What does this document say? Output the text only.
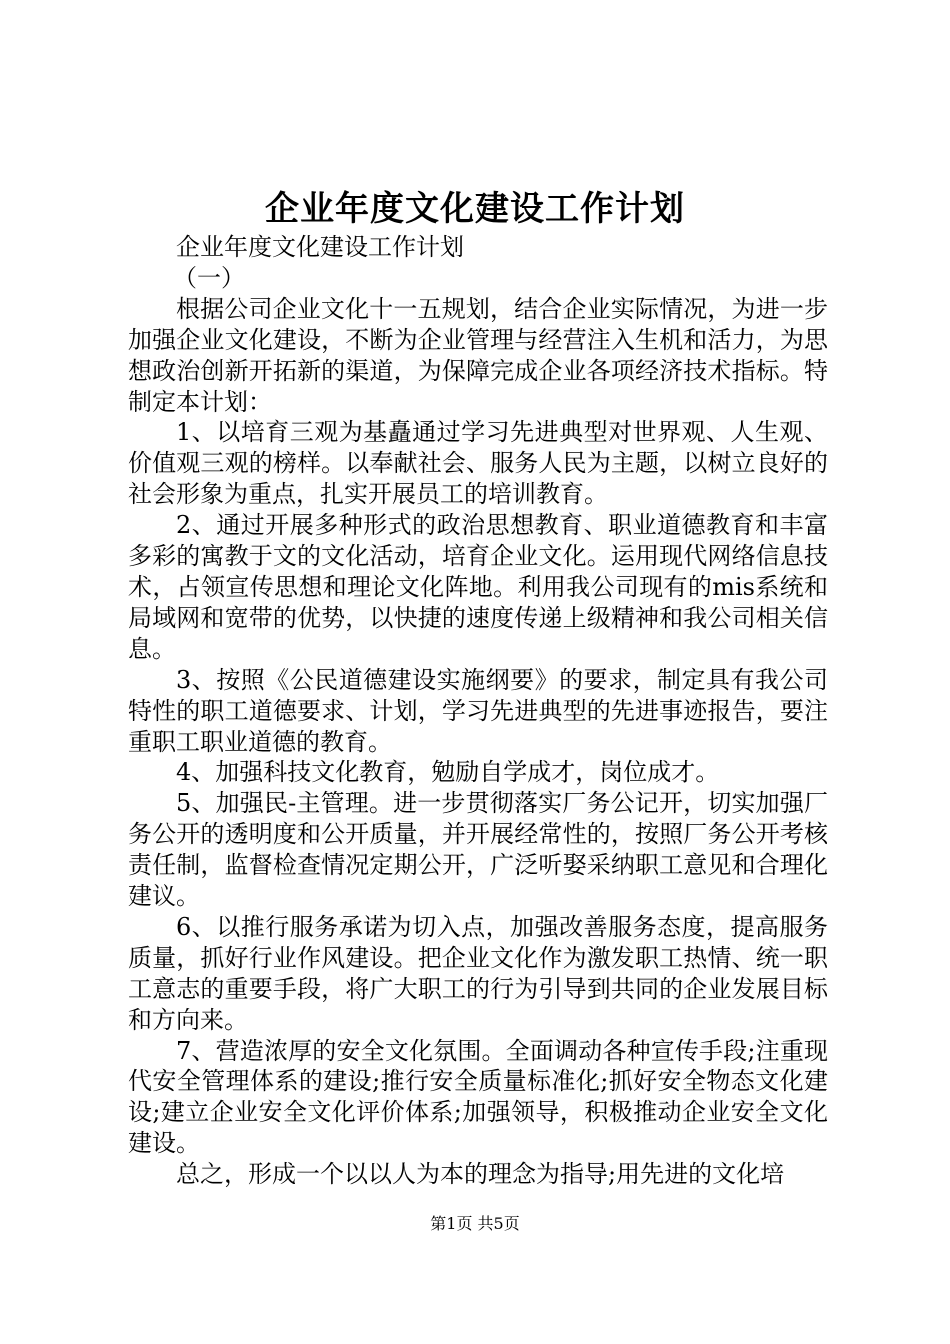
企业年度文化建设工作计划

企业年度文化建设工作计划

（一）

根据公司企业文化十一五规划，结合企业实际情况，为进一步加强企业文化建设，不断为企业管理与经营注入生机和活力，为思想政治创新开拓新的渠道，为保障完成企业各项经济技术指标。特制定本计划：

1、以培育三观为基矗通过学习先进典型对世界观、人生观、价值观三观的榜样。以奉献社会、服务人民为主题，以树立良好的社会形象为重点，扎实开展员工的培训教育。

2、通过开展多种形式的政治思想教育、职业道德教育和丰富多彩的寓教于文的文化活动，培育企业文化。运用现代网络信息技术，占领宣传思想和理论文化阵地。利用我公司现有的mis系统和局域网和宽带的优势，以快捷的速度传递上级精神和我公司相关信息。

3、按照《公民道德建设实施纲要》的要求，制定具有我公司特性的职工道德要求、计划，学习先进典型的先进事迹报告，要注重职工职业道德的教育。

4、加强科技文化教育，勉励自学成才，岗位成才。

5、加强民-主管理。进一步贯彻落实厂务公记开，切实加强厂务公开的透明度和公开质量，并开展经常性的，按照厂务公开考核责任制，监督检查情况定期公开，广泛听娶采纳职工意见和合理化建议。

6、以推行服务承诺为切入点，加强改善服务态度，提高服务质量，抓好行业作风建设。把企业文化作为激发职工热情、统一职工意志的重要手段，将广大职工的行为引导到共同的企业发展目标和方向来。

7、营造浓厚的安全文化氛围。全面调动各种宣传手段;注重现代安全管理体系的建设;推行安全质量标准化;抓好安全物态文化建设;建立企业安全文化评价体系;加强领导，积极推动企业安全文化建设。

总之，形成一个以以人为本的理念为指导;用先进的文化培

第1页 共5页
